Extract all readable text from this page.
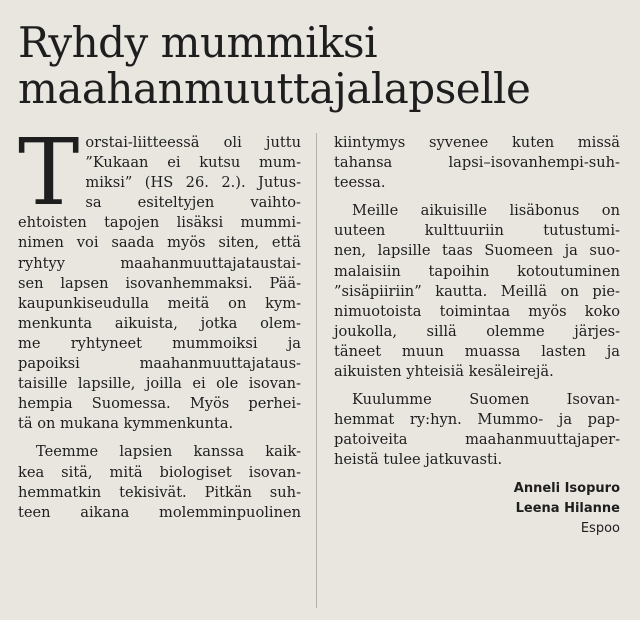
Ryhdy mummiksi
maahanmuuttajalapselle
T orstai-liitteessä oli juttu
”Kukaan ei kutsu mum-
miksi” (HS 26. 2.). Jutus-
sa esiteltyjen vaihto-
ehtoisten tapojen lisäksi mummi-
nimen voi saada myös siten, että
ryhtyy maahanmuuttajataustai-
sen lapsen isovanhemmaksi. Pää-
kaupunkiseudulla meitä on kym-
menkunta aikuista, jotka olem-
me ryhtyneet mummoiksi ja
papoiksi maahanmuuttajataus-
taisille lapsille, joilla ei ole isovan-
hempia Suomessa. Myös perhei-
tä on mukana kymmenkunta.
Teemme lapsien kanssa kaik-
kea sitä, mitä biologiset isovan-
hemmatkin tekisivät. Pitkän suh-
teen aikana molemminpuolinen
kiintymys syvenee kuten missä
tahansa lapsi–isovanhempi-suh-
teessa.
Meille aikuisille lisäbonus on
uuteen kulttuuriin tutustumi-
nen, lapsille taas Suomeen ja suo-
malaisiin tapoihin kotoutuminen
”sisäpiiriin” kautta. Meillä on pie-
nimuotoista toimintaa myös koko
joukolla, sillä olemme järjes-
täneet muun muassa lasten ja
aikuisten yhteisiä kesäleirejä.
Kuulumme Suomen Isovan-
hemmat ry:hyn. Mummo- ja pap-
patoiveita maahanmuuttajaper-
heistä tulee jatkuvasti.

Anneli Isopuro

Leena Hilanne

Espoo
